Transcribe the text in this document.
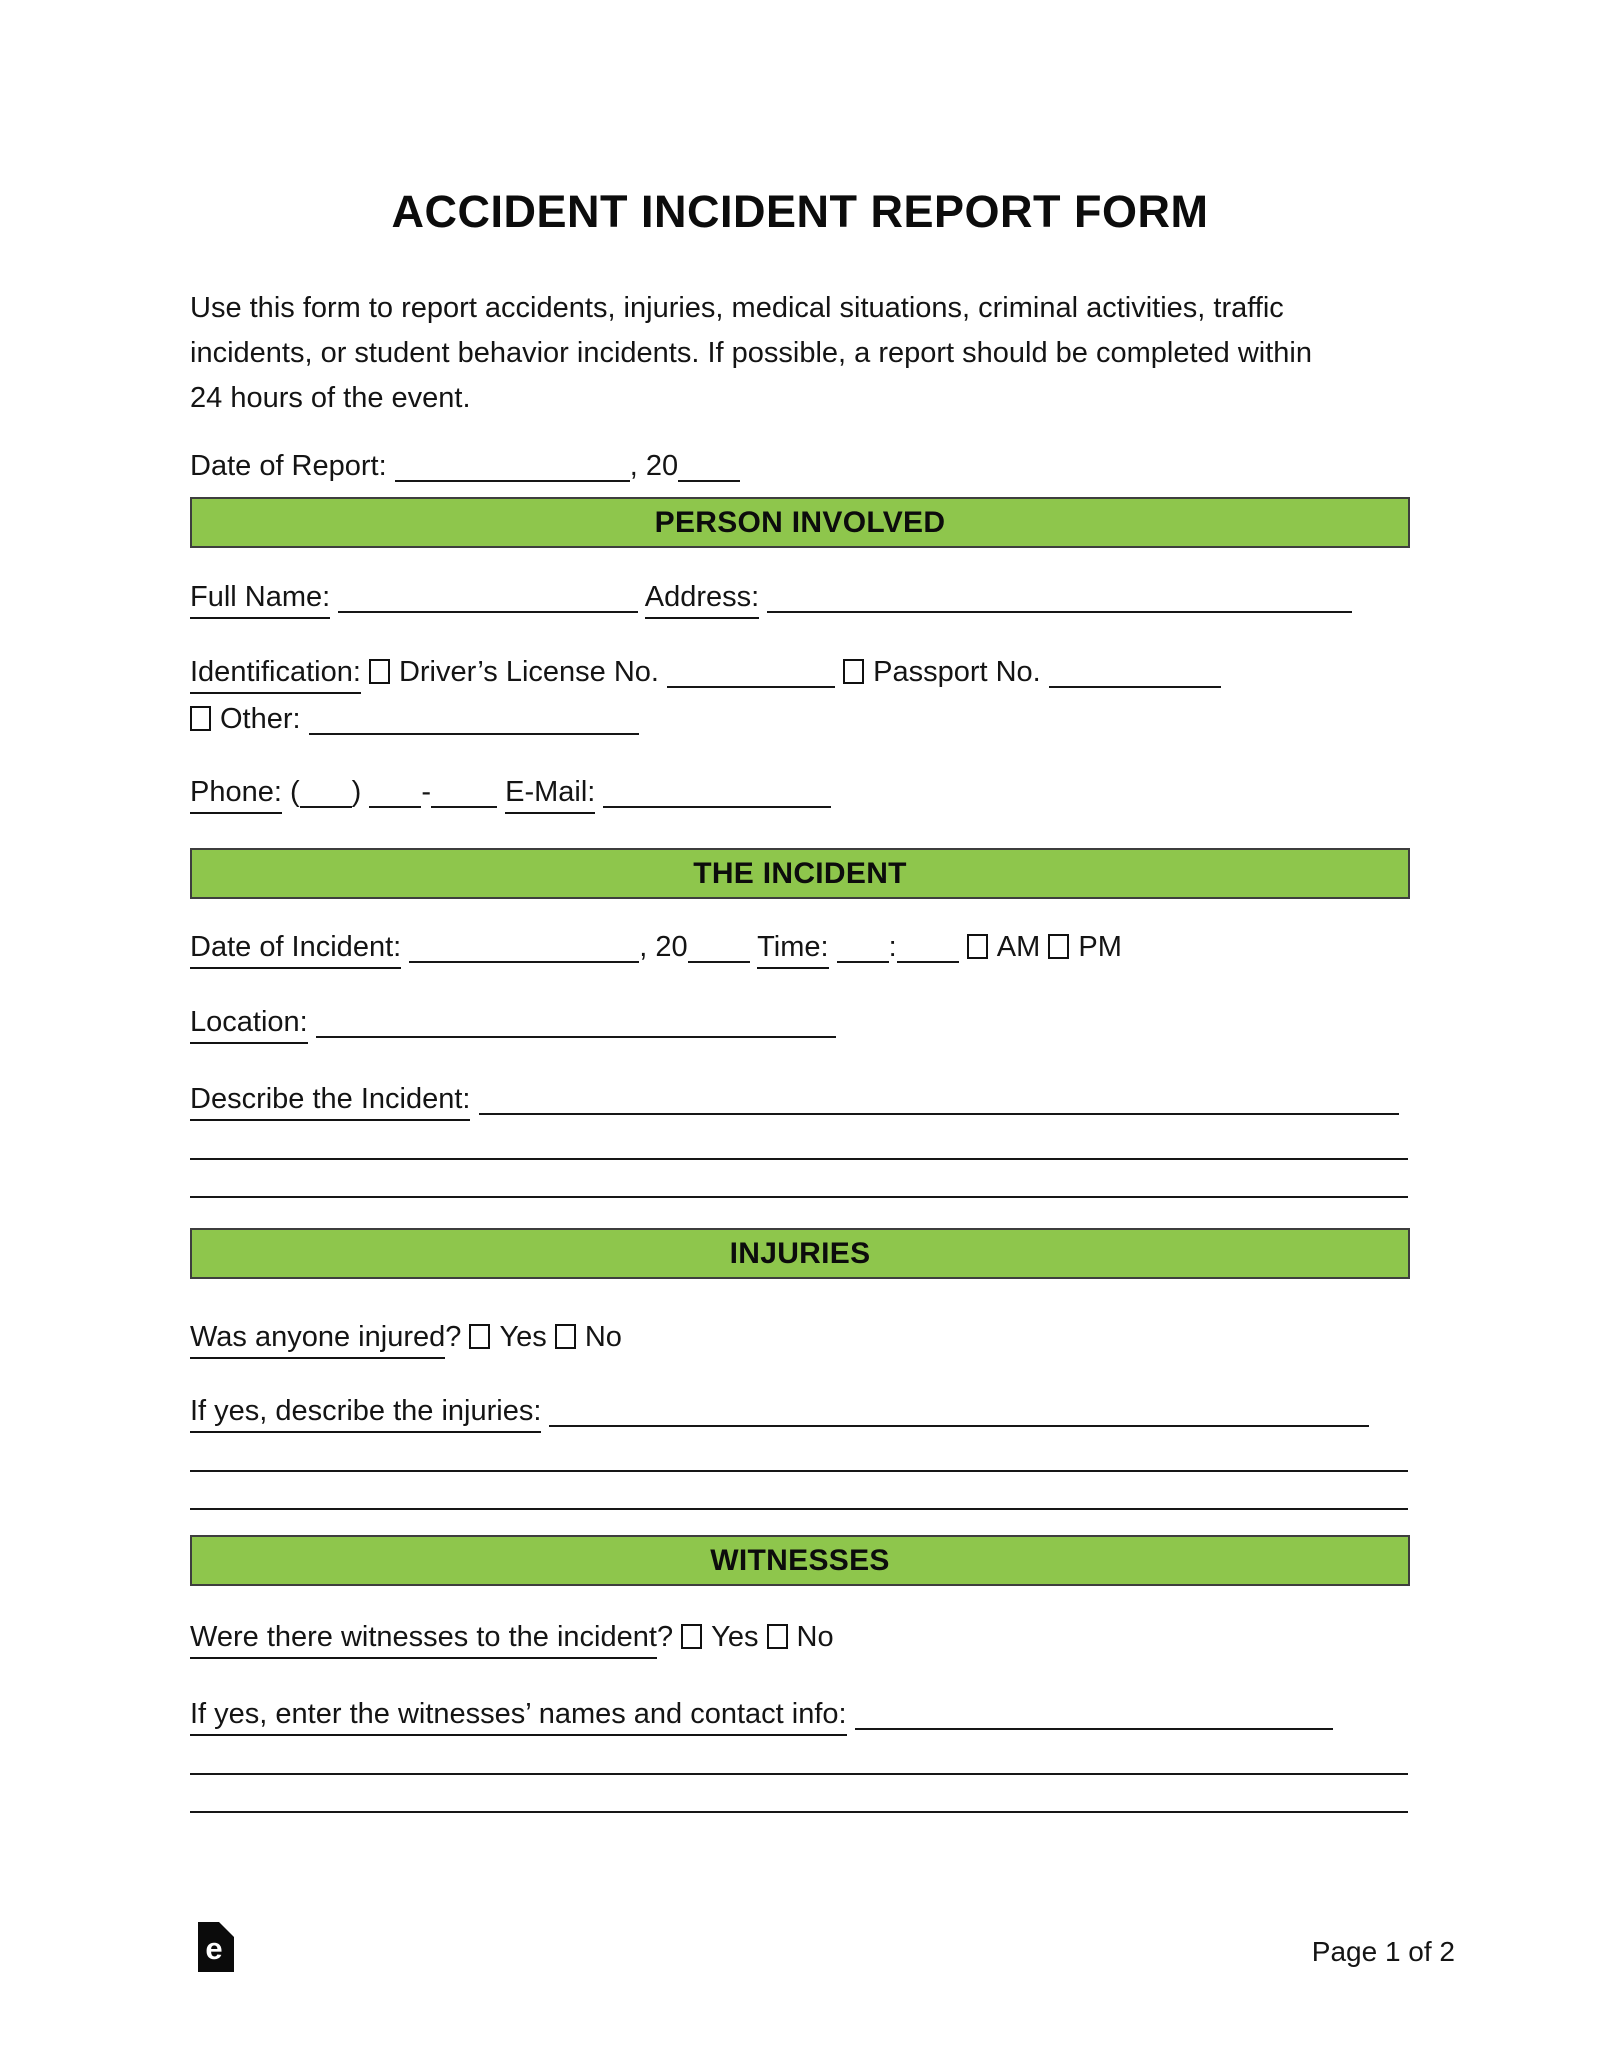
ACCIDENT INCIDENT REPORT FORM
Use this form to report accidents, injuries, medical situations, criminal activities, traffic
incidents, or student behavior incidents. If possible, a report should be completed within
24 hours of the event.
Date of Report:	, 20
PERSON INVOLVED
Full Name:	Address:
Identification: Driver’s License No.	Passport No.
Other:
Phone: ( ) -	E-Mail:
THE INCIDENT
Date of Incident:	, 20 Time: :	AM PM
Location:
Describe the Incident:
INJURIES
Was anyone injured? Yes No
If yes, describe the injuries:
WITNESSES
Were there witnesses to the incident? Yes No
If yes, enter the witnesses’ names and contact info:
e	Page 1 of 2
